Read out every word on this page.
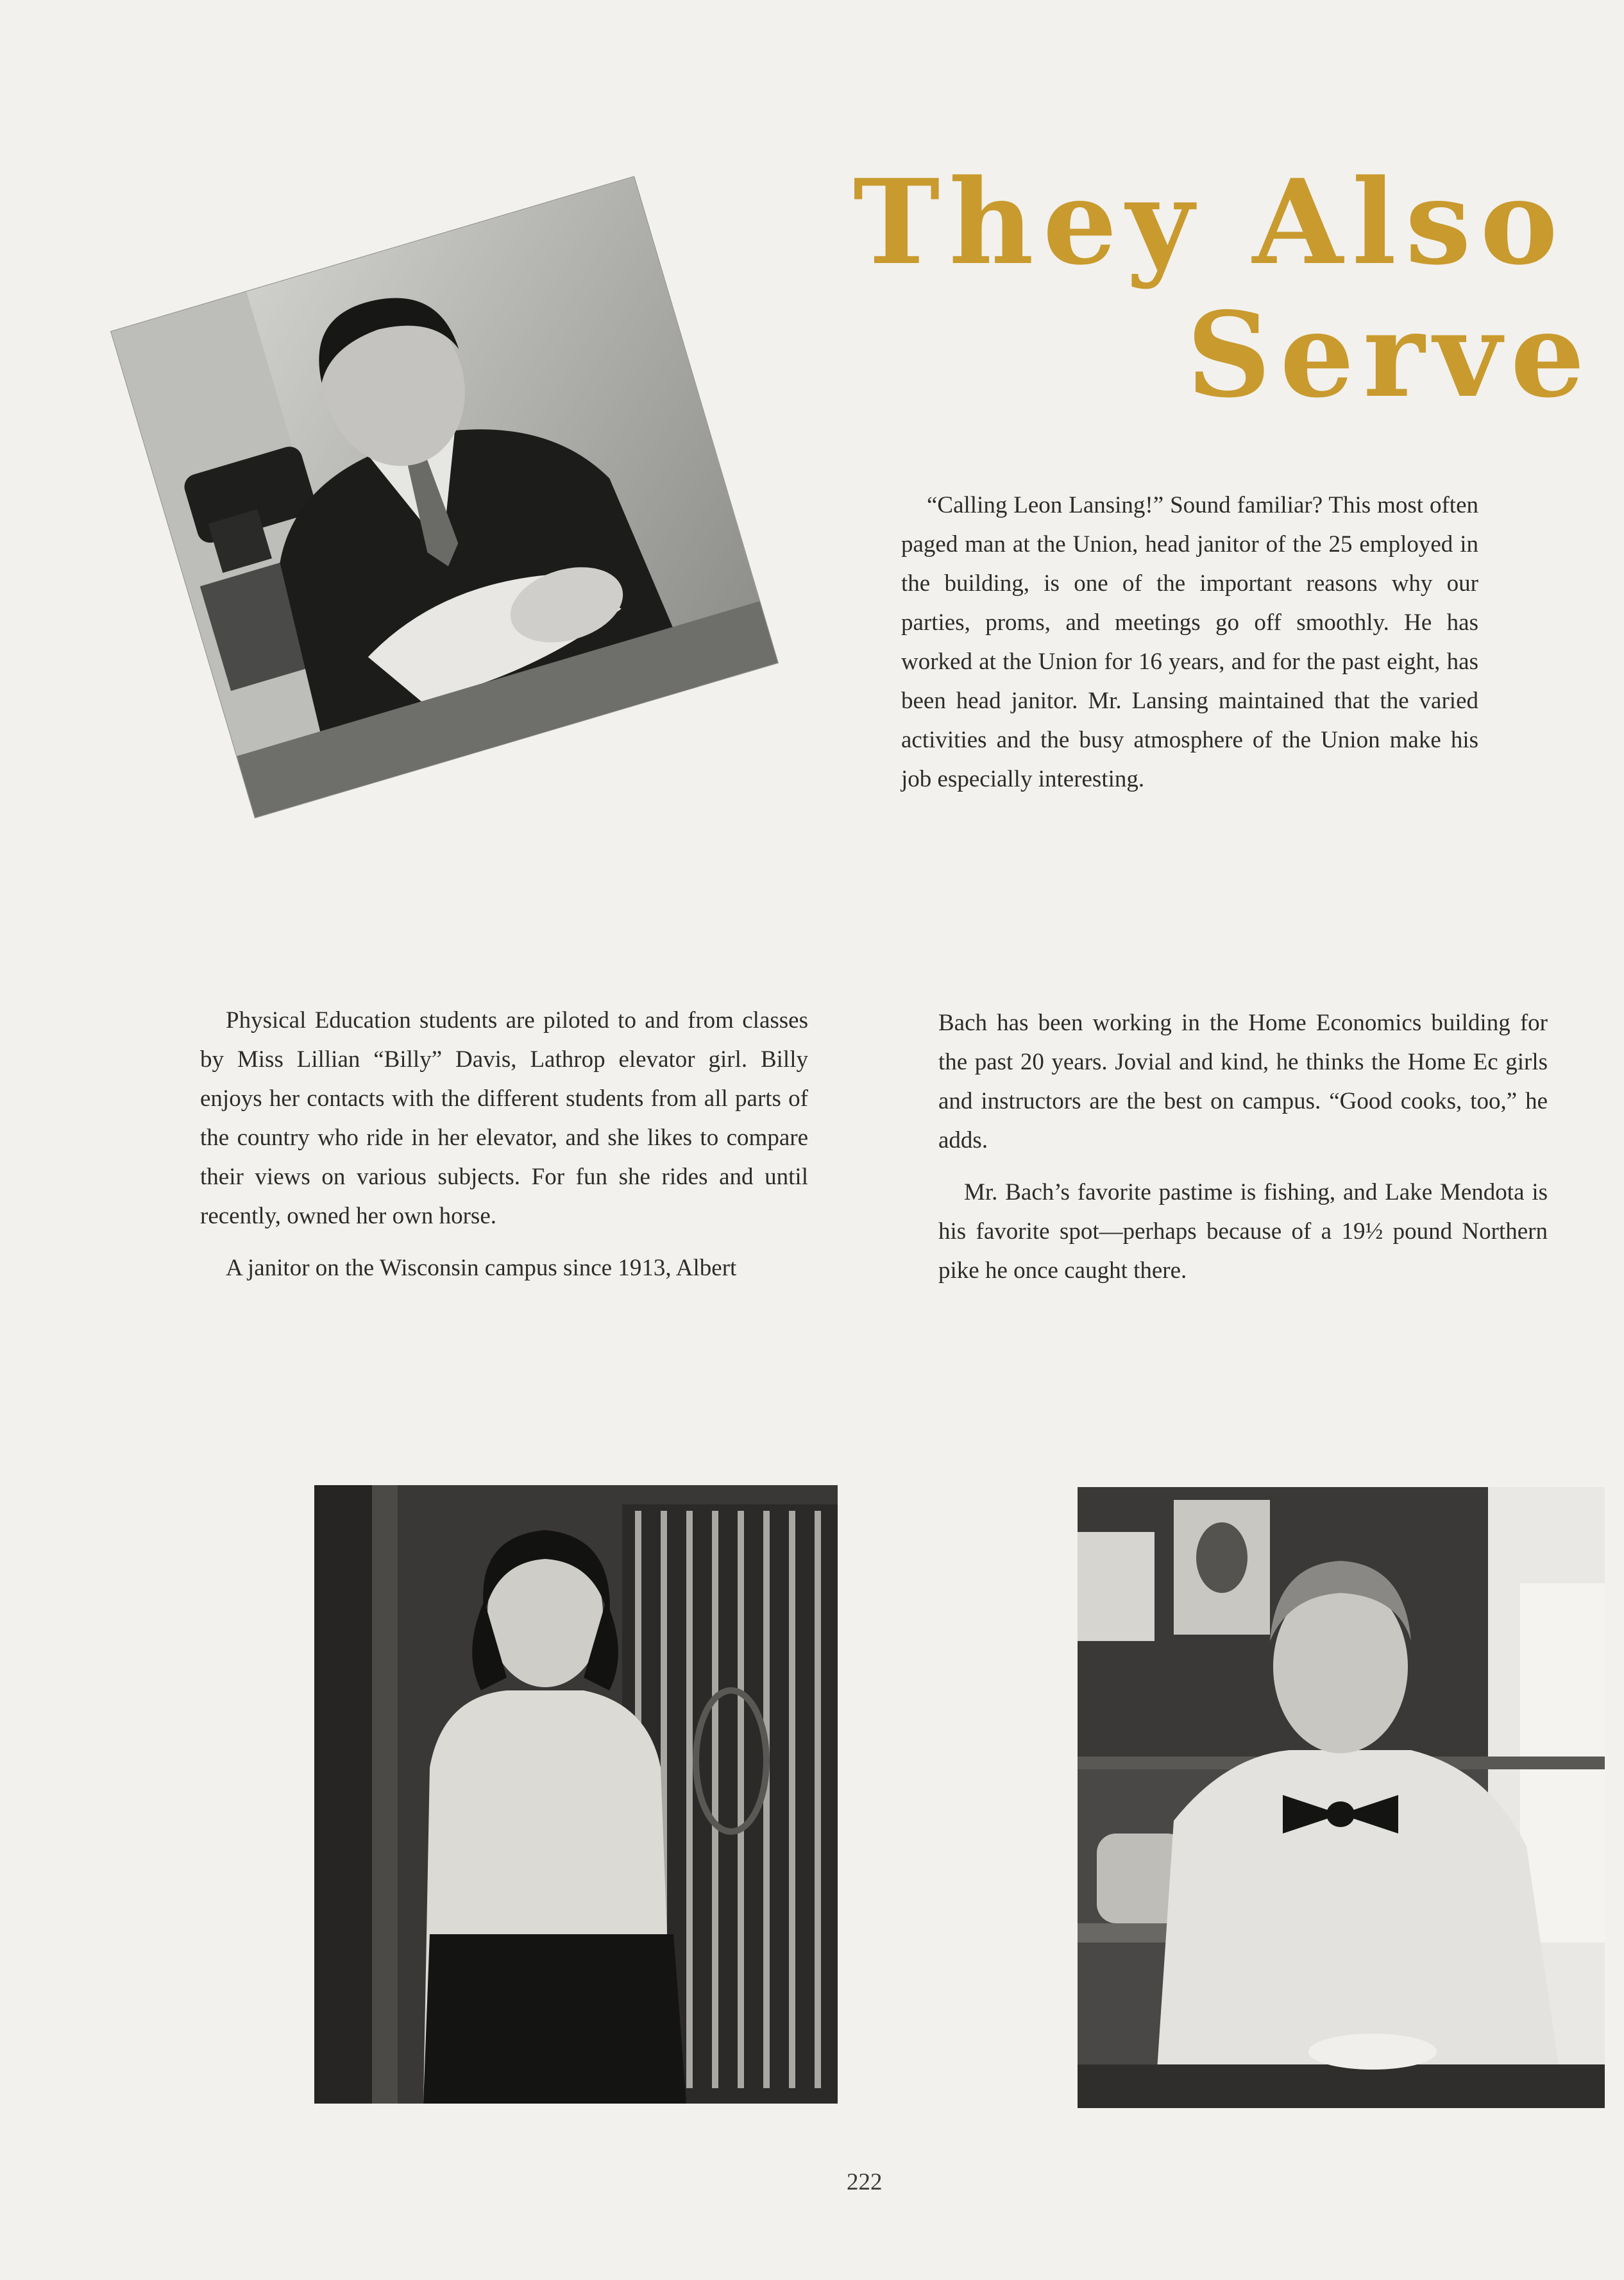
They Also
Serve

“Calling Leon Lansing!” Sound familiar? This most often paged man at the Union, head janitor of the 25 employed in the building, is one of the important reasons why our parties, proms, and meetings go off smoothly. He has worked at the Union for 16 years, and for the past eight, has been head janitor. Mr. Lansing maintained that the varied activities and the busy atmosphere of the Union make his job especially interesting.

Physical Education students are piloted to and from classes by Miss Lillian “Billy” Davis, Lathrop elevator girl. Billy enjoys her contacts with the different students from all parts of the country who ride in her elevator, and she likes to compare their views on various subjects. For fun she rides and until recently, owned her own horse.

A janitor on the Wisconsin campus since 1913, Albert

Bach has been working in the Home Economics building for the past 20 years. Jovial and kind, he thinks the Home Ec girls and instructors are the best on campus. “Good cooks, too,” he adds.

Mr. Bach’s favorite pastime is fishing, and Lake Mendota is his favorite spot—perhaps because of a 19½ pound Northern pike he once caught there.

222
